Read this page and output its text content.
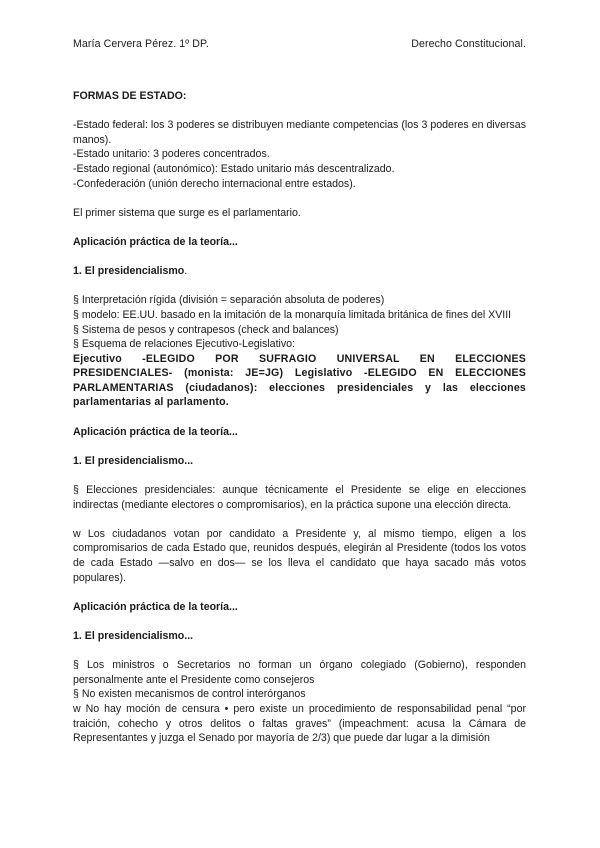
María Cervera Pérez. 1º DP.	Derecho Constitucional.

FORMAS DE ESTADO:

-Estado federal: los 3 poderes se distribuyen mediante competencias (los 3 poderes en diversas manos).

-Estado unitario: 3 poderes concentrados.

-Estado regional (autonómico): Estado unitario más descentralizado.

-Confederación (unión derecho internacional entre estados).

El primer sistema que surge es el parlamentario.

Aplicación práctica de la teoría...

1. El presidencialismo.

§ Interpretación rígida (división = separación absoluta de poderes)

§ modelo: EE.UU. basado en la imitación de la monarquía limitada británica de fines del XVIII

§ Sistema de pesos y contrapesos (check and balances)

§ Esquema de relaciones Ejecutivo-Legislativo:

Ejecutivo -ELEGIDO POR SUFRAGIO UNIVERSAL EN ELECCIONES PRESIDENCIALES- (monista: JE=JG) Legislativo -ELEGIDO EN ELECCIONES PARLAMENTARIAS (ciudadanos): elecciones presidenciales y las elecciones parlamentarias al parlamento.

Aplicación práctica de la teoría...

1. El presidencialismo...

§ Elecciones presidenciales: aunque técnicamente el Presidente se elige en elecciones indirectas (mediante electores o compromisarios), en la práctica supone una elección directa.

w Los ciudadanos votan por candidato a Presidente y, al mismo tiempo, eligen a los compromisarios de cada Estado que, reunidos después, elegirán al Presidente (todos los votos de cada Estado —salvo en dos— se los lleva el candidato que haya sacado más votos populares).

Aplicación práctica de la teoría...

1. El presidencialismo...

§ Los ministros o Secretarios no forman un órgano colegiado (Gobierno), responden personalmente ante el Presidente como consejeros

§ No existen mecanismos de control interórganos

w No hay moción de censura • pero existe un procedimiento de responsabilidad penal “por traición, cohecho y otros delitos o faltas graves” (impeachment: acusa la Cámara de Representantes y juzga el Senado por mayoría de 2/3) que puede dar lugar a la dimisión
